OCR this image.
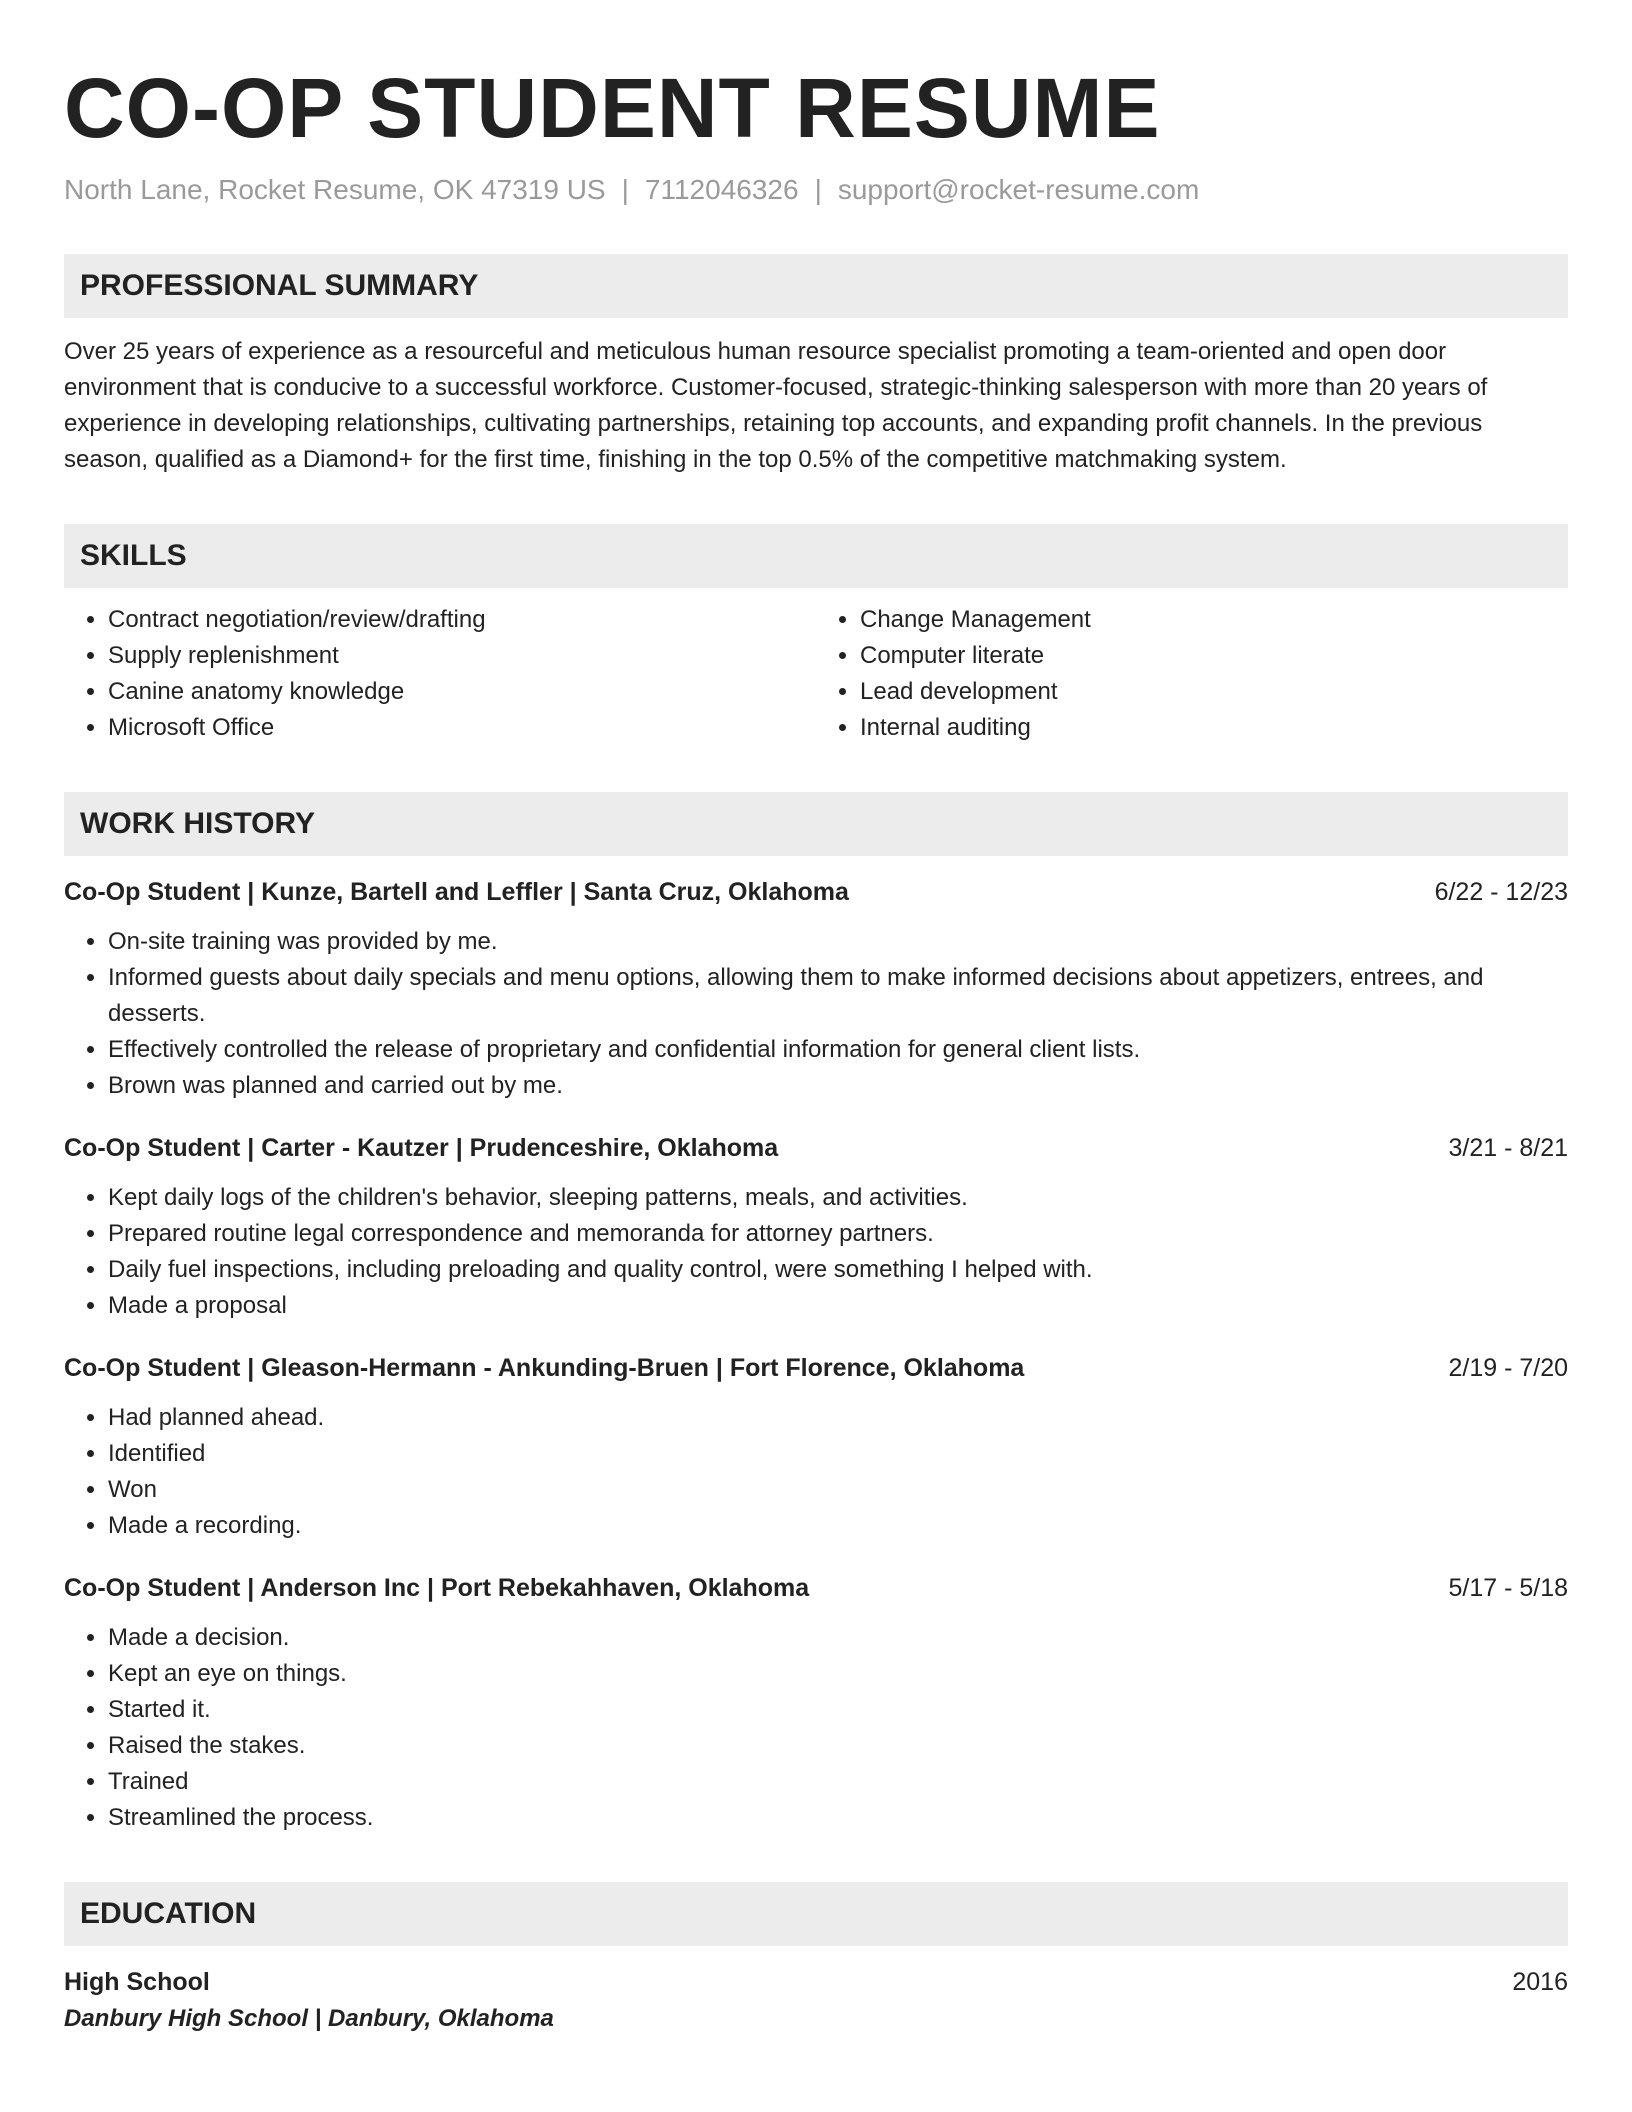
CO-OP STUDENT RESUME
North Lane, Rocket Resume, OK 47319 US | 7112046326 | support@rocket-resume.com
PROFESSIONAL SUMMARY
Over 25 years of experience as a resourceful and meticulous human resource specialist promoting a team-oriented and open door environment that is conducive to a successful workforce. Customer-focused, strategic-thinking salesperson with more than 20 years of experience in developing relationships, cultivating partnerships, retaining top accounts, and expanding profit channels. In the previous season, qualified as a Diamond+ for the first time, finishing in the top 0.5% of the competitive matchmaking system.
SKILLS
• Contract negotiation/review/drafting
• Supply replenishment
• Canine anatomy knowledge
• Microsoft Office
• Change Management
• Computer literate
• Lead development
• Internal auditing
WORK HISTORY
Co-Op Student | Kunze, Bartell and Leffler | Santa Cruz, Oklahoma	6/22 - 12/23
• On-site training was provided by me.
• Informed guests about daily specials and menu options, allowing them to make informed decisions about appetizers, entrees, and desserts.
• Effectively controlled the release of proprietary and confidential information for general client lists.
• Brown was planned and carried out by me.
Co-Op Student | Carter - Kautzer | Prudenceshire, Oklahoma	3/21 - 8/21
• Kept daily logs of the children's behavior, sleeping patterns, meals, and activities.
• Prepared routine legal correspondence and memoranda for attorney partners.
• Daily fuel inspections, including preloading and quality control, were something I helped with.
• Made a proposal
Co-Op Student | Gleason-Hermann - Ankunding-Bruen | Fort Florence, Oklahoma	2/19 - 7/20
• Had planned ahead.
• Identified
• Won
• Made a recording.
Co-Op Student | Anderson Inc | Port Rebekahhaven, Oklahoma	5/17 - 5/18
• Made a decision.
• Kept an eye on things.
• Started it.
• Raised the stakes.
• Trained
• Streamlined the process.
EDUCATION
High School	2016
Danbury High School | Danbury, Oklahoma
